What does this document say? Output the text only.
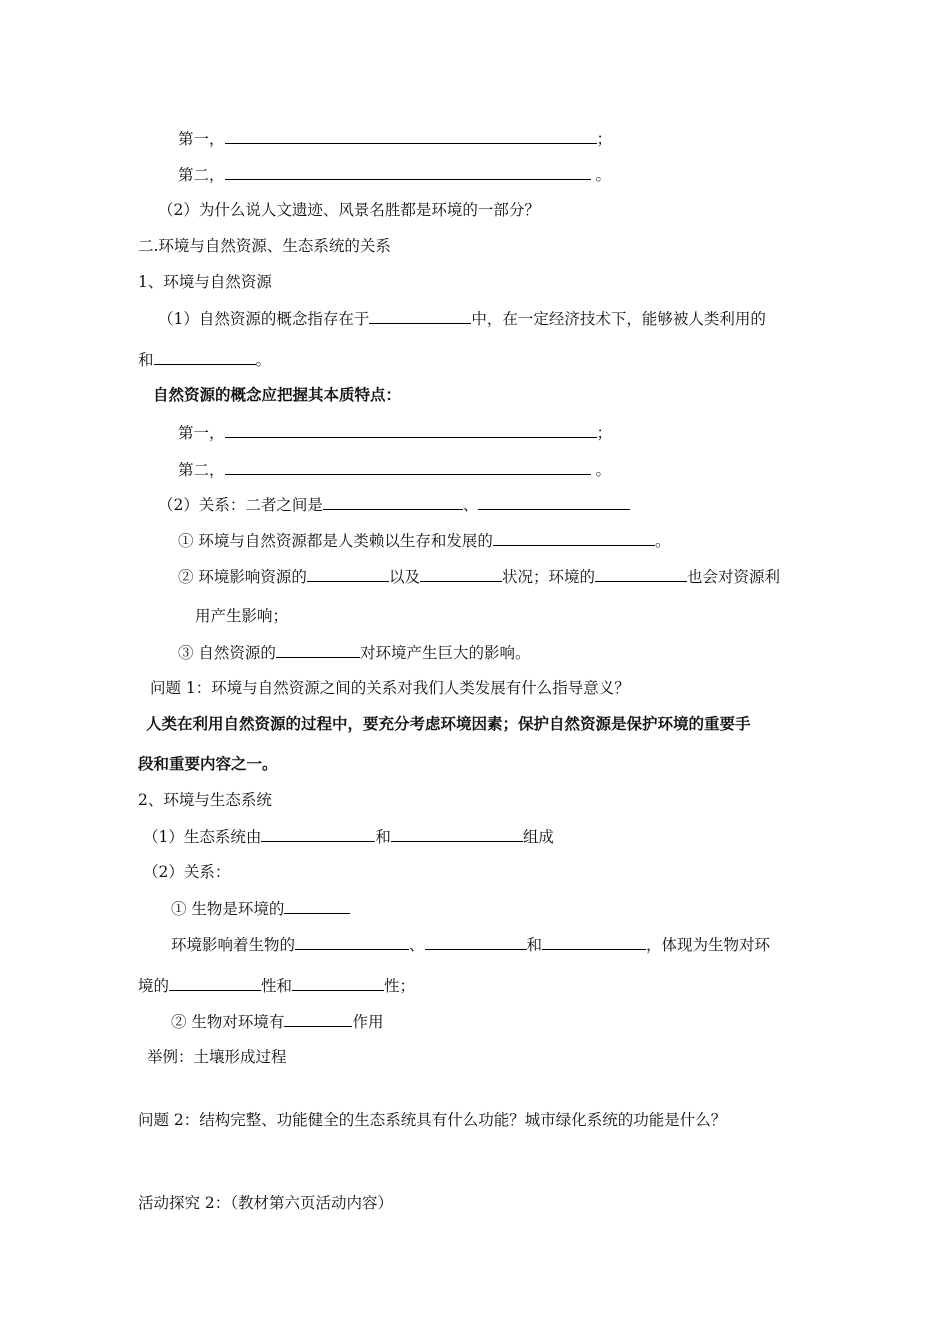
第一，	；
第二，	。
（2）为什么说人文遗迹、风景名胜都是环境的一部分？
二.环境与自然资源、生态系统的关系
1、环境与自然资源
（1）自然资源的概念指存在于	中，在一定经济技术下，能够被人类利用的
和	。
自然资源的概念应把握其本质特点：
第一，	；
第二，	。
（2）关系：二者之间是	、
① 环境与自然资源都是人类赖以生存和发展的	。
② 环境影响资源的	以及	状况；环境的	也会对资源利
用产生影响；
③ 自然资源的	对环境产生巨大的影响。
问题 1：环境与自然资源之间的关系对我们人类发展有什么指导意义？
人类在利用自然资源的过程中，要充分考虑环境因素；保护自然资源是保护环境的重要手
段和重要内容之一。
2、环境与生态系统
（1）生态系统由	和	组成
（2）关系：
① 生物是环境的
环境影响着生物的	、	和	，体现为生物对环
境的	性和	性；
② 生物对环境有	作用
举例：土壤形成过程
问题 2：结构完整、功能健全的生态系统具有什么功能？城市绿化系统的功能是什么？
活动探究 2：（教材第六页活动内容）
